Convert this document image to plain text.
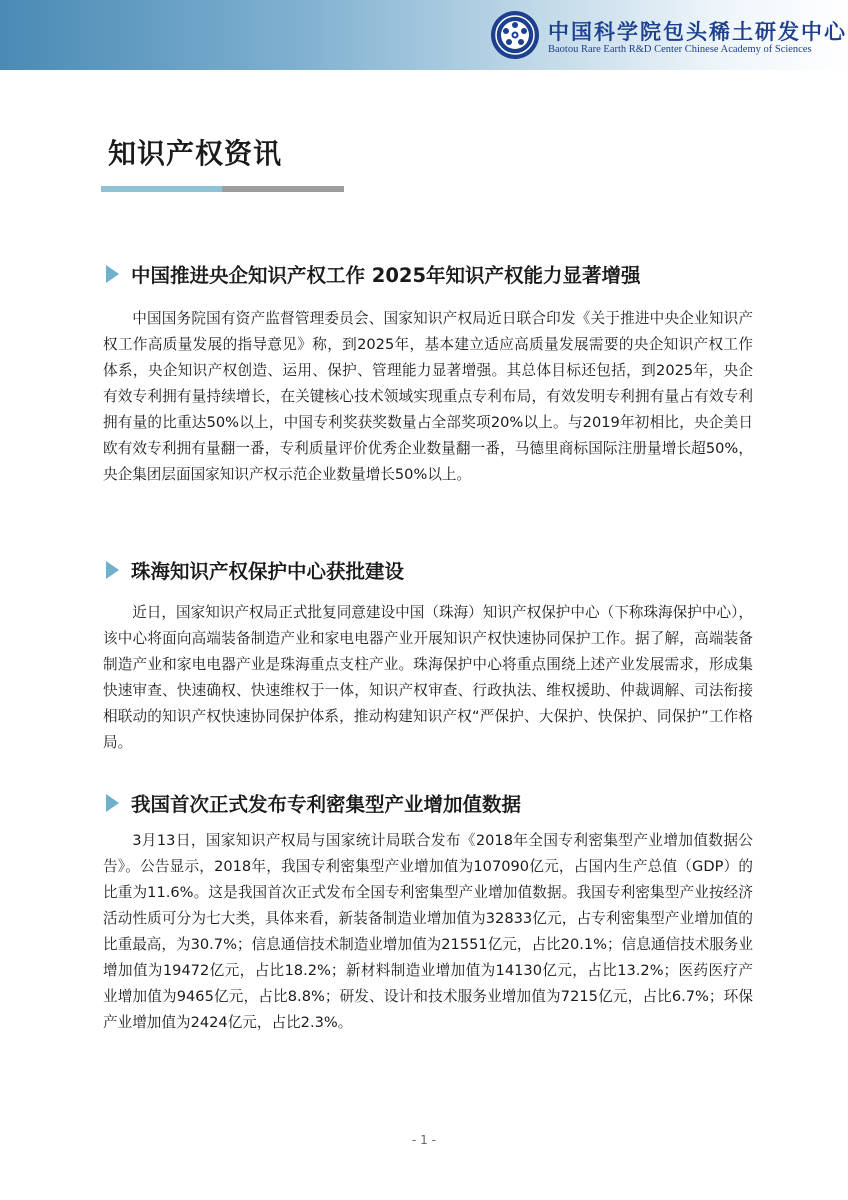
中国科学院包头稀土研发中心
Baotou Rare Earth R&D Center Chinese Academy of Sciences
知识产权资讯
中国推进央企知识产权工作 2025年知识产权能力显著增强
中国国务院国有资产监督管理委员会、国家知识产权局近日联合印发《关于推进中央企业知识产权工作高质量发展的指导意见》称，到2025年，基本建立适应高质量发展需要的央企知识产权工作体系，央企知识产权创造、运用、保护、管理能力显著增强。其总体目标还包括，到2025年，央企有效专利拥有量持续增长，在关键核心技术领域实现重点专利布局，有效发明专利拥有量占有效专利拥有量的比重达50%以上，中国专利奖获奖数量占全部奖项20%以上。与2019年初相比，央企美日欧有效专利拥有量翻一番，专利质量评价优秀企业数量翻一番，马德里商标国际注册量增长超50%，央企集团层面国家知识产权示范企业数量增长50%以上。
珠海知识产权保护中心获批建设
近日，国家知识产权局正式批复同意建设中国（珠海）知识产权保护中心（下称珠海保护中心），该中心将面向高端装备制造产业和家电电器产业开展知识产权快速协同保护工作。据了解，高端装备制造产业和家电电器产业是珠海重点支柱产业。珠海保护中心将重点围绕上述产业发展需求，形成集快速审查、快速确权、快速维权于一体，知识产权审查、行政执法、维权援助、仲裁调解、司法衔接相联动的知识产权快速协同保护体系，推动构建知识产权“严保护、大保护、快保护、同保护”工作格局。
我国首次正式发布专利密集型产业增加值数据
3月13日，国家知识产权局与国家统计局联合发布《2018年全国专利密集型产业增加值数据公告》。公告显示，2018年，我国专利密集型产业增加值为107090亿元，占国内生产总值（GDP）的比重为11.6%。这是我国首次正式发布全国专利密集型产业增加值数据。我国专利密集型产业按经济活动性质可分为七大类，具体来看，新装备制造业增加值为32833亿元，占专利密集型产业增加值的比重最高，为30.7%；信息通信技术制造业增加值为21551亿元，占比20.1%；信息通信技术服务业增加值为19472亿元，占比18.2%；新材料制造业增加值为14130亿元，占比13.2%；医药医疗产业增加值为9465亿元，占比8.8%；研发、设计和技术服务业增加值为7215亿元，占比6.7%；环保产业增加值为2424亿元，占比2.3%。
- 1 -
